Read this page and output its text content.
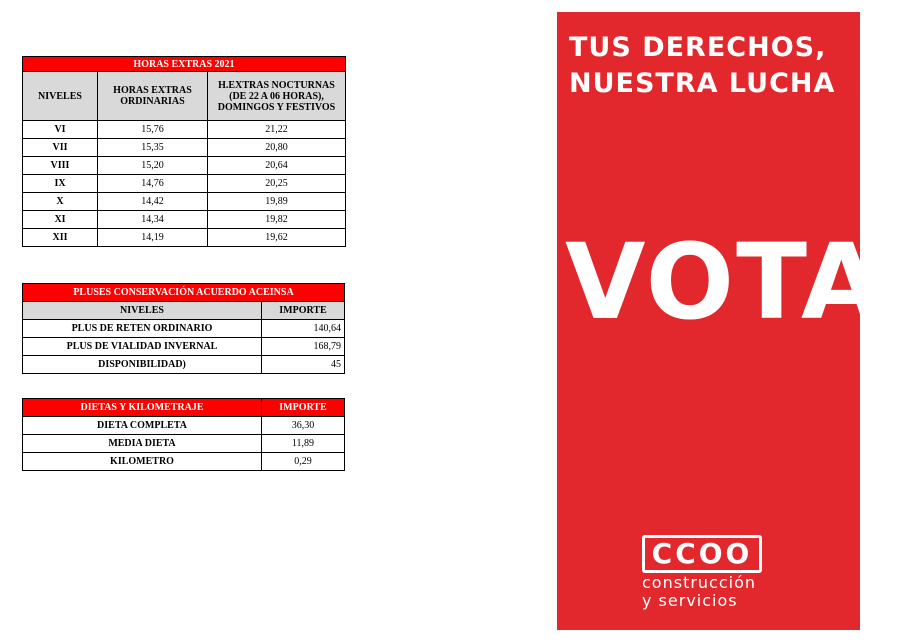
HORAS EXTRAS 2021		
NIVELES	HORAS EXTRAS ORDINARIAS	H.EXTRAS NOCTURNAS (DE 22 A 06 HORAS), DOMINGOS Y FESTIVOS
VI	15,76	21,22
VII	15,35	20,80
VIII	15,20	20,64
IX	14,76	20,25
X	14,42	19,89
XI	14,34	19,82
XII	14,19	19,62
PLUSES CONSERVACIÓN ACUERDO ACEINSA	
NIVELES	IMPORTE
PLUS DE RETEN ORDINARIO	140,64
PLUS DE VIALIDAD INVERNAL	168,79
DISPONIBILIDAD)	45
DIETAS Y KILOMETRAJE	IMPORTE
DIETA COMPLETA	36,30
MEDIA DIETA	11,89
KILOMETRO	0,29
TUS DERECHOS,
NUESTRA LUCHA
VOTA
CCOO
construcción
y servicios
